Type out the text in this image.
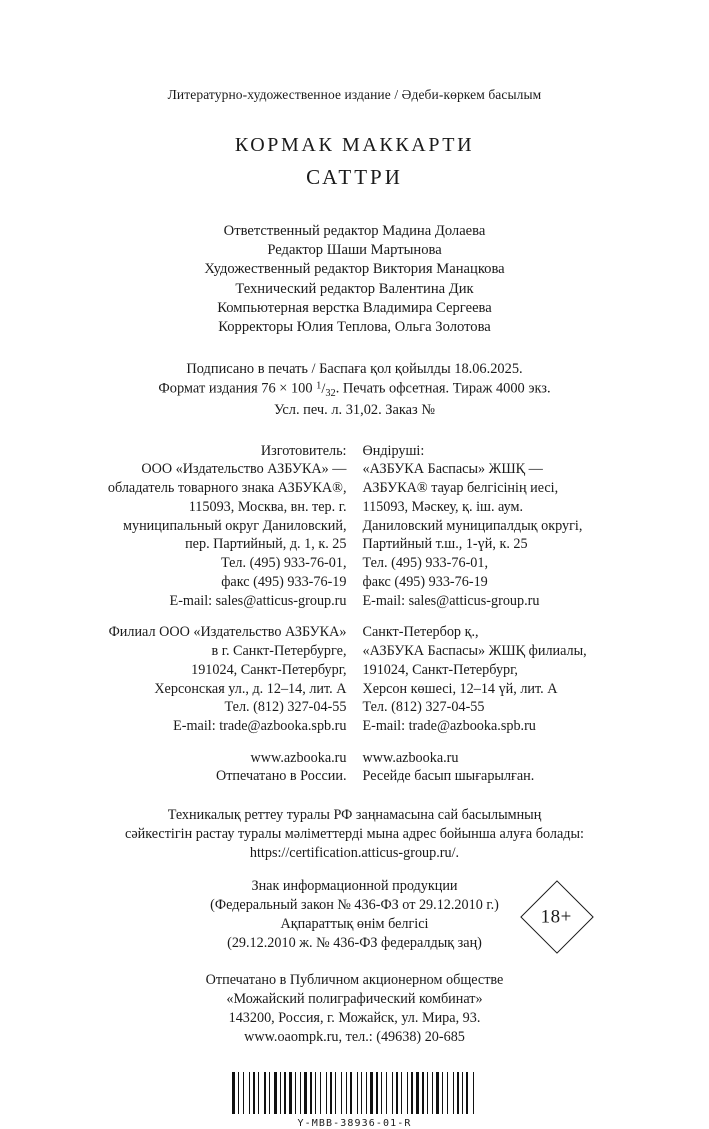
Литературно-художественное издание / Әдеби-көркем басылым
КОРМАК МАККАРТИ
САТТРИ
Ответственный редактор Мадина Долаева
Редактор Шаши Мартынова
Художественный редактор Виктория Манацкова
Технический редактор Валентина Дик
Компьютерная верстка Владимира Сергеева
Корректоры Юлия Теплова, Ольга Золотова
Подписано в печать / Баспаға қол қойылды 18.06.2025.
Формат издания 76 × 100 $^1/_{32}$. Печать офсетная. Тираж 4000 экз.
Усл. печ. л. 31,02. Заказ №
Изготовитель:
ООО «Издательство АЗБУКА» —
обладатель товарного знака АЗБУКА®,
115093, Москва, вн. тер. г.
муниципальный округ Даниловский,
пер. Партийный, д. 1, к. 25
Тел. (495) 933-76-01,
факс (495) 933-76-19
E-mail: sales@atticus-group.ru
Филиал ООО «Издательство АЗБУКА»
в г. Санкт-Петербурге,
191024, Санкт-Петербург,
Херсонская ул., д. 12–14, лит. А
Тел. (812) 327-04-55
E-mail: trade@azbooka.spb.ru
www.azbooka.ru
Отпечатано в России.
Өндіруші:
«АЗБУКА Баспасы» ЖШҚ —
АЗБУКА® тауар белгісінің иесі,
115093, Мәскеу, қ. іш. аум.
Даниловский муниципалдық округі,
Партийный т.ш., 1-үй, к. 25
Тел. (495) 933-76-01,
факс (495) 933-76-19
E-mail: sales@atticus-group.ru
Санкт-Петербор қ.,
«АЗБУКА Баспасы» ЖШҚ филиалы,
191024, Санкт-Петербург,
Херсон көшесі, 12–14 үй, лит. А
Тел. (812) 327-04-55
E-mail: trade@azbooka.spb.ru
www.azbooka.ru
Ресейде басып шығарылған.
Техникалық реттеу туралы РФ заңнамасына сай басылымның
сәйкестігін растау туралы мәліметтерді мына адрес бойынша алуға болады:
https://certification.atticus-group.ru/.
Знак информационной продукции
(Федеральный закон № 436-ФЗ от 29.12.2010 г.)
Ақпараттық өнім белгісі
(29.12.2010 ж. № 436-ФЗ федералдық заң)
18+
Отпечатано в Публичном акционерном обществе
«Можайский полиграфический комбинат»
143200, Россия, г. Можайск, ул. Мира, 93.
www.oaompk.ru, тел.: (49638) 20-685
Y-MBB-38936-01-R
